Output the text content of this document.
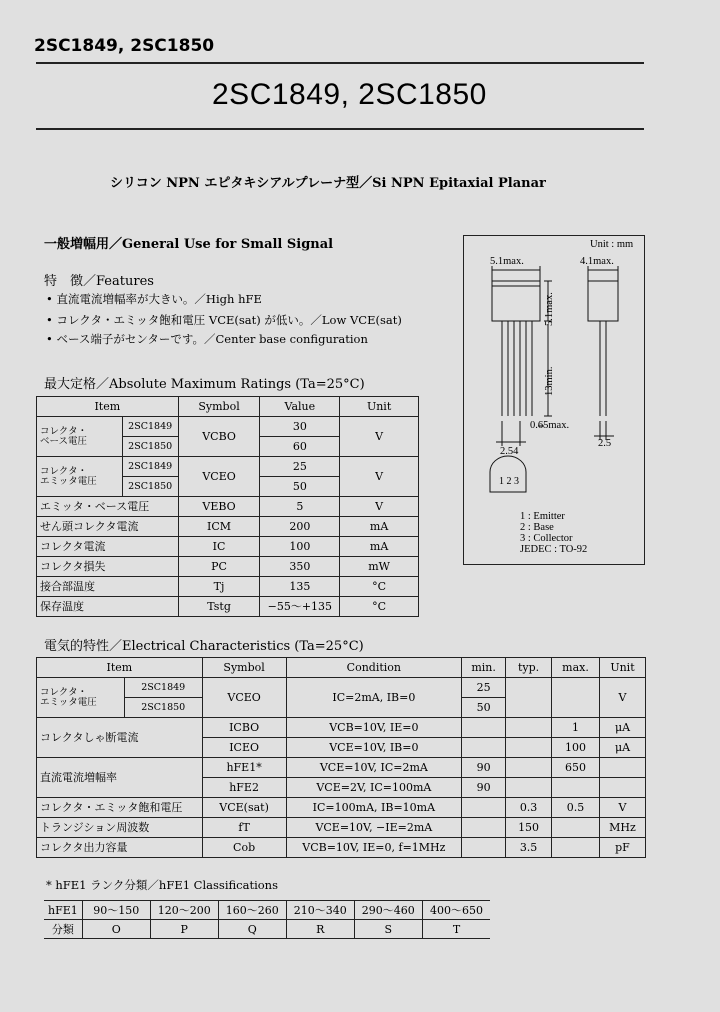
2SC1849, 2SC1850
2SC1849, 2SC1850
シリコン NPN エピタキシアルプレーナ型／Si NPN Epitaxial Planar
一般増幅用／General Use for Small Signal
特　徴／Features
• 直流電流増幅率が大きい。／High hFE
• コレクタ・エミッタ飽和電圧 VCE(sat) が低い。／Low VCE(sat)
• ベース端子がセンターです。／Center base configuration
最大定格／Absolute Maximum Ratings (Ta=25°C)
Item		Symbol	Value	Unit
コレクタ・
ベース電圧	2SC1849	VCBO	30	V
	2SC1850		60	
コレクタ・
エミッタ電圧	2SC1849	VCEO	25	V
	2SC1850		50	
エミッタ・ベース電圧		VEBO	5	V
せん頭コレクタ電流		ICM	200	mA
コレクタ電流		IC	100	mA
コレクタ損失		PC	350	mW
接合部温度		Tj	135	°C
保存温度		Tstg	−55～+135	°C
Unit : mm
5.1max.	4.1max.
5.1max.
13min.
0.65max.
2.54
2.5
1 2 3
1 : Emitter
2 : Base
3 : Collector
JEDEC : TO-92
電気的特性／Electrical Characteristics (Ta=25°C)
Item		Symbol	Condition	min.	typ.	max.	Unit
コレクタ・
エミッタ電圧	2SC1849	VCEO	IC=2mA, IB=0	25			V
	2SC1850			50			
コレクタしゃ断電流		ICBO	VCB=10V, IE=0			1	μA
		ICEO	VCE=10V, IB=0			100	μA
直流電流増幅率		hFE1*	VCE=10V, IC=2mA	90		650	
		hFE2	VCE=2V, IC=100mA	90			
コレクタ・エミッタ飽和電圧		VCE(sat)	IC=100mA, IB=10mA		0.3	0.5	V
トランジション周波数		fT	VCE=10V, −IE=2mA		150		MHz
コレクタ出力容量		Cob	VCB=10V, IE=0, f=1MHz		3.5		pF
* hFE1 ランク分類／hFE1 Classifications
hFE1	90～150	120～200	160～260	210～340	290～460	400～650
分類	O	P	Q	R	S	T
